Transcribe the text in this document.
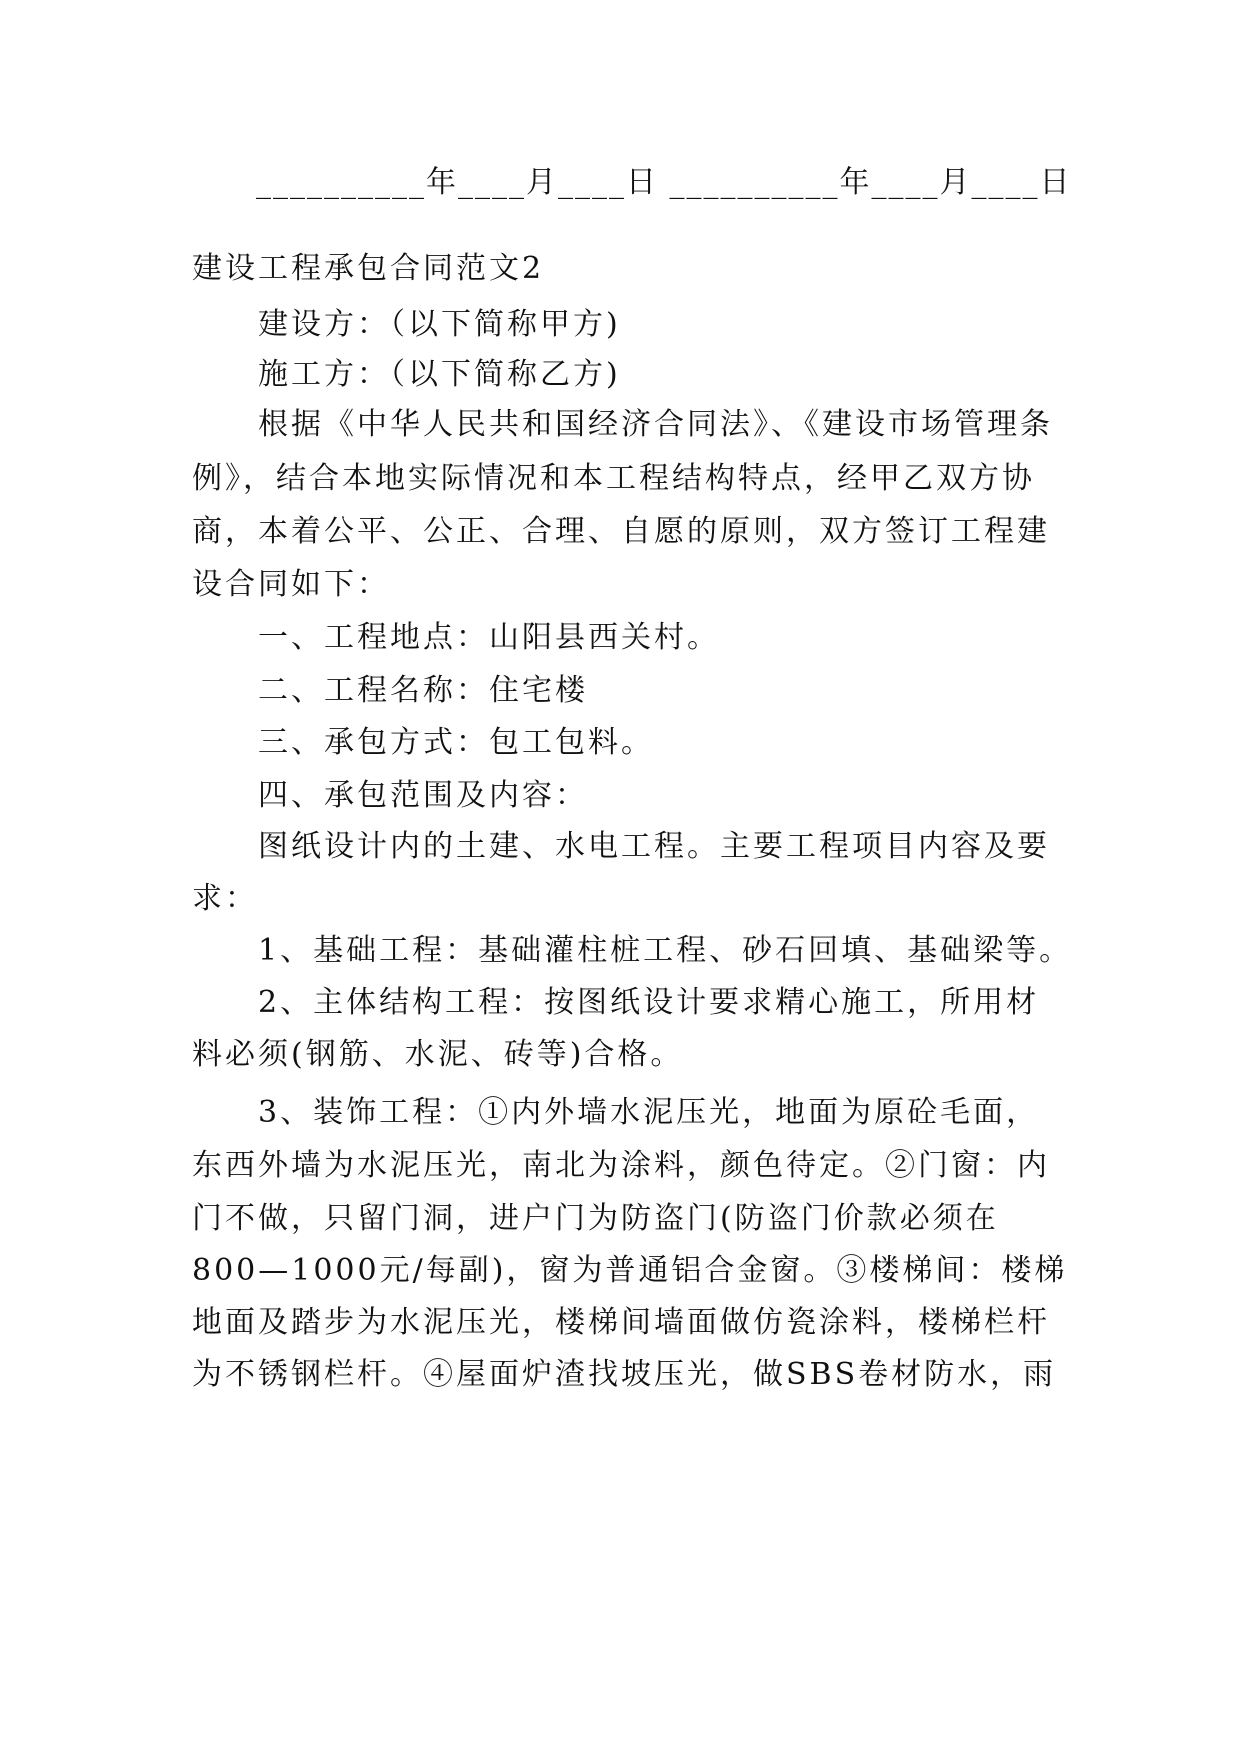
__________年____月____日 __________年____月____日
建设工程承包合同范文2
建设方：（以下简称甲方)
施工方：（以下简称乙方)
根据《中华人民共和国经济合同法》、《建设市场管理条
例》，结合本地实际情况和本工程结构特点，经甲乙双方协
商，本着公平、公正、合理、自愿的原则，双方签订工程建
设合同如下：
一、工程地点：山阳县西关村。
二、工程名称：住宅楼
三、承包方式：包工包料。
四、承包范围及内容：
图纸设计内的土建、水电工程。主要工程项目内容及要
求：
1、基础工程：基础灌柱桩工程、砂石回填、基础梁等。
2、主体结构工程：按图纸设计要求精心施工，所用材
料必须(钢筋、水泥、砖等)合格。
3、装饰工程：①内外墙水泥压光，地面为原砼毛面，
东西外墙为水泥压光，南北为涂料，颜色待定。②门窗：内
门不做，只留门洞，进户门为防盗门(防盗门价款必须在
800—1000元/每副)，窗为普通铝合金窗。③楼梯间：楼梯
地面及踏步为水泥压光，楼梯间墙面做仿瓷涂料，楼梯栏杆
为不锈钢栏杆。④屋面炉渣找坡压光，做SBS卷材防水，雨
